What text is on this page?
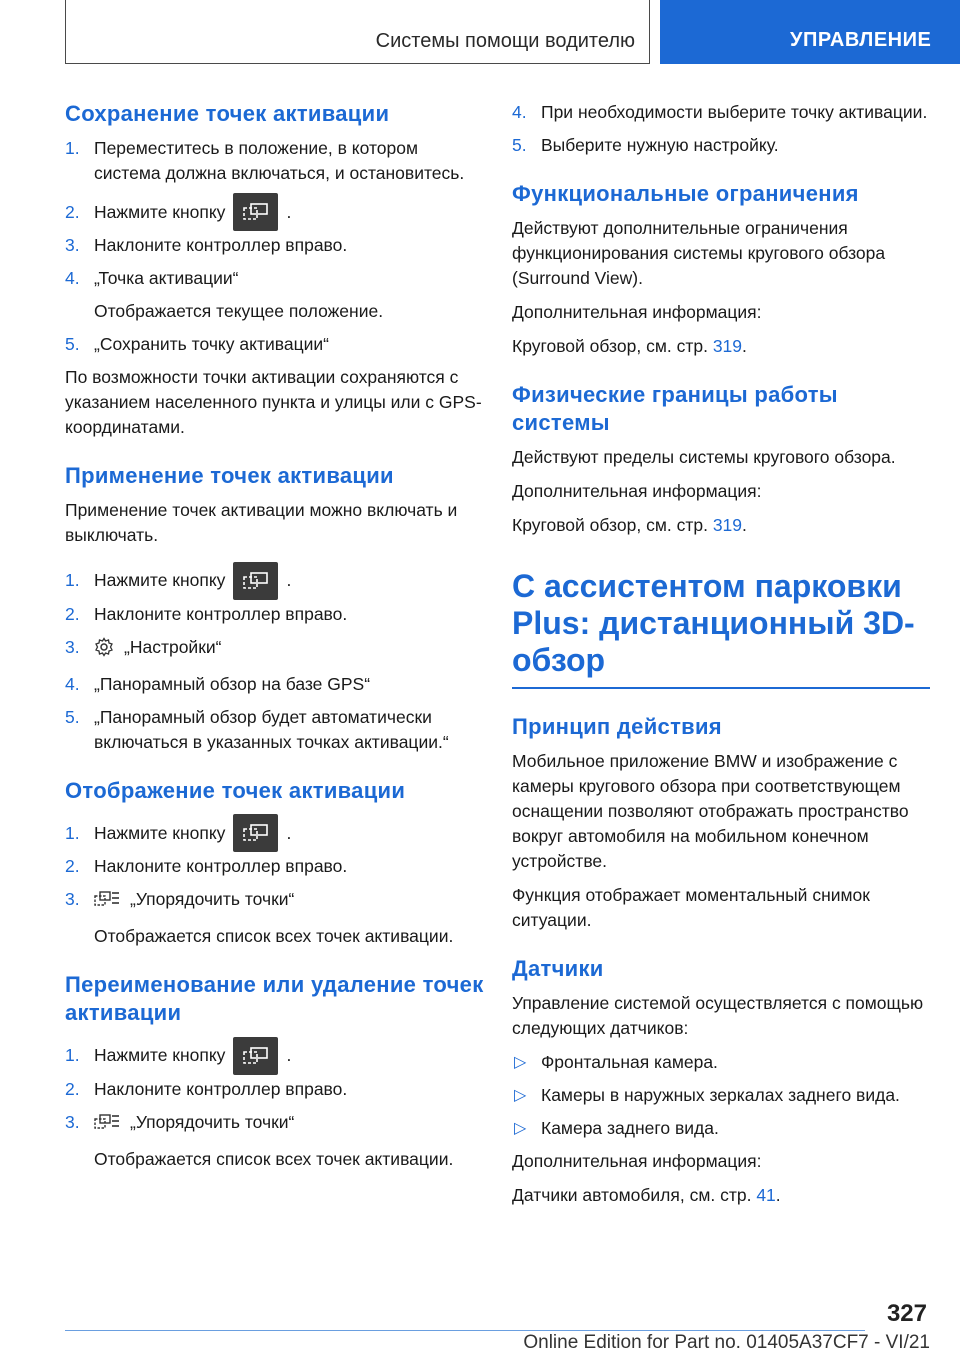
Системы помощи водителю	УПРАВЛЕНИЕ
Сохранение точек активации
1. Переместитесь в положение, в котором система должна включаться, и остановитесь.
2. Нажмите кнопку	.
3. Наклоните контроллер вправо.
4. „Точка активации“
Отображается текущее положение.
5. „Сохранить точку активации“
По возможности точки активации сохраняются с указанием населенного пункта и улицы или с GPS-координатами.
Применение точек активации
Применение точек активации можно включать и выключать.
1. Нажмите кнопку	.
2. Наклоните контроллер вправо.
3.	„Настройки“
4. „Панорамный обзор на базе GPS“
5. „Панорамный обзор будет автоматически включаться в указанных точках активации.“
Отображение точек активации
1. Нажмите кнопку	.
2. Наклоните контроллер вправо.
3.	„Упорядочить точки“
Отображается список всех точек активации.
Переименование или удаление точек активации
1. Нажмите кнопку	.
2. Наклоните контроллер вправо.
3.	„Упорядочить точки“
Отображается список всех точек активации.
4. При необходимости выберите точку активации.
5. Выберите нужную настройку.
Функциональные ограничения
Действуют дополнительные ограничения функционирования системы кругового обзора (Surround View).
Дополнительная информация:
Круговой обзор, см. стр. 319.
Физические границы работы системы
Действуют пределы системы кругового обзора.
Дополнительная информация:
Круговой обзор, см. стр. 319.
С ассистентом парковки Plus: дистанционный 3D-обзор
Принцип действия
Мобильное приложение BMW и изображение с камеры кругового обзора при соответствующем оснащении позволяют отображать пространство вокруг автомобиля на мобильном конечном устройстве.
Функция отображает моментальный снимок ситуации.
Датчики
Управление системой осуществляется с помощью следующих датчиков:
▷ Фронтальная камера.
▷ Камеры в наружных зеркалах заднего вида.
▷ Камера заднего вида.
Дополнительная информация:
Датчики автомобиля, см. стр. 41.
327
Online Edition for Part no. 01405A37CF7 - VI/21
